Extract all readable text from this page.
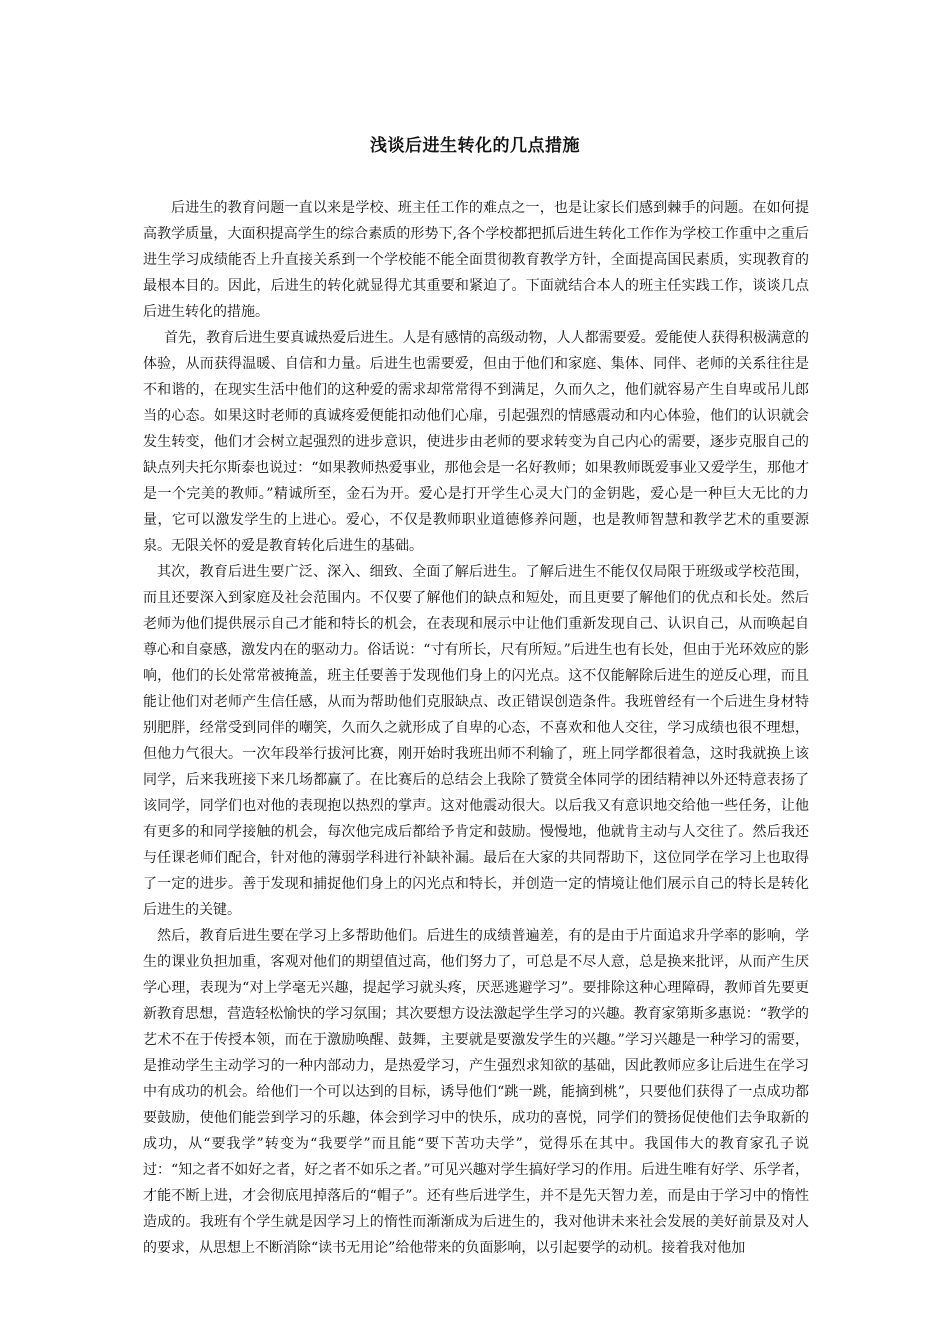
浅谈后进生转化的几点措施

后进生的教育问题一直以来是学校、班主任工作的难点之一，也是让家长们感到棘手的问题。在如何提高教学质量，大面积提高学生的综合素质的形势下,各个学校都把抓后进生转化工作作为学校工作重中之重后进生学习成绩能否上升直接关系到一个学校能不能全面贯彻教育教学方针，全面提高国民素质，实现教育的最根本目的。因此，后进生的转化就显得尤其重要和紧迫了。下面就结合本人的班主任实践工作，谈谈几点后进生转化的措施。

首先，教育后进生要真诚热爱后进生。人是有感情的高级动物，人人都需要爱。爱能使人获得积极满意的体验，从而获得温暖、自信和力量。后进生也需要爱，但由于他们和家庭、集体、同伴、老师的关系往往是不和谐的，在现实生活中他们的这种爱的需求却常常得不到满足，久而久之，他们就容易产生自卑或吊儿郎当的心态。如果这时老师的真诚疼爱便能扣动他们心扉，引起强烈的情感震动和内心体验，他们的认识就会发生转变，他们才会树立起强烈的进步意识，使进步由老师的要求转变为自己内心的需要，逐步克服自己的缺点列夫托尔斯泰也说过：“如果教师热爱事业，那他会是一名好教师；如果教师既爱事业又爱学生，那他才是一个完美的教师。”精诚所至，金石为开。爱心是打开学生心灵大门的金钥匙，爱心是一种巨大无比的力量，它可以激发学生的上进心。爱心，不仅是教师职业道德修养问题，也是教师智慧和教学艺术的重要源泉。无限关怀的爱是教育转化后进生的基础。

其次，教育后进生要广泛、深入、细致、全面了解后进生。了解后进生不能仅仅局限于班级或学校范围，而且还要深入到家庭及社会范围内。不仅要了解他们的缺点和短处，而且更要了解他们的优点和长处。然后老师为他们提供展示自己才能和特长的机会，在表现和展示中让他们重新发现自己、认识自己，从而唤起自尊心和自豪感，激发内在的驱动力。俗话说：“寸有所长，尺有所短。”后进生也有长处，但由于光环效应的影响，他们的长处常常被掩盖，班主任要善于发现他们身上的闪光点。这不仅能解除后进生的逆反心理，而且能让他们对老师产生信任感，从而为帮助他们克服缺点、改正错误创造条件。我班曾经有一个后进生身材特别肥胖，经常受到同伴的嘲笑，久而久之就形成了自卑的心态，不喜欢和他人交往，学习成绩也很不理想，但他力气很大。一次年段举行拔河比赛，刚开始时我班出师不利输了，班上同学都很着急，这时我就换上该同学，后来我班接下来几场都赢了。在比赛后的总结会上我除了赞赏全体同学的团结精神以外还特意表扬了该同学，同学们也对他的表现抱以热烈的掌声。这对他震动很大。以后我又有意识地交给他一些任务，让他有更多的和同学接触的机会，每次他完成后都给予肯定和鼓励。慢慢地，他就肯主动与人交往了。然后我还与任课老师们配合，针对他的薄弱学科进行补缺补漏。最后在大家的共同帮助下，这位同学在学习上也取得了一定的进步。善于发现和捕捉他们身上的闪光点和特长，并创造一定的情境让他们展示自己的特长是转化后进生的关键。

然后，教育后进生要在学习上多帮助他们。后进生的成绩普遍差，有的是由于片面追求升学率的影响，学生的课业负担加重，客观对他们的期望值过高，他们努力了，可总是不尽人意，总是换来批评，从而产生厌学心理，表现为“对上学毫无兴趣，提起学习就头疼，厌恶逃避学习”。要排除这种心理障碍，教师首先要更新教育思想，营造轻松愉快的学习氛围；其次要想方设法激起学生学习的兴趣。教育家第斯多惠说：“教学的艺术不在于传授本领，而在于激励唤醒、鼓舞，主要就是要激发学生的兴趣。”学习兴趣是一种学习的需要，是推动学生主动学习的一种内部动力，是热爱学习，产生强烈求知欲的基础，因此教师应多让后进生在学习中有成功的机会。给他们一个可以达到的目标，诱导他们“跳一跳，能摘到桃”，只要他们获得了一点成功都要鼓励，使他们能尝到学习的乐趣，体会到学习中的快乐，成功的喜悦，同学们的赞扬促使他们去争取新的成功，从“要我学”转变为“我要学”而且能“要下苦功夫学”，觉得乐在其中。我国伟大的教育家孔子说过：“知之者不如好之者，好之者不如乐之者。”可见兴趣对学生搞好学习的作用。后进生唯有好学、乐学者，才能不断上进，才会彻底甩掉落后的“帽子”。还有些后进学生，并不是先天智力差，而是由于学习中的惰性造成的。我班有个学生就是因学习上的惰性而渐渐成为后进生的，我对他讲未来社会发展的美好前景及对人的要求，从思想上不断消除“读书无用论”给他带来的负面影响，以引起要学的动机。接着我对他加
